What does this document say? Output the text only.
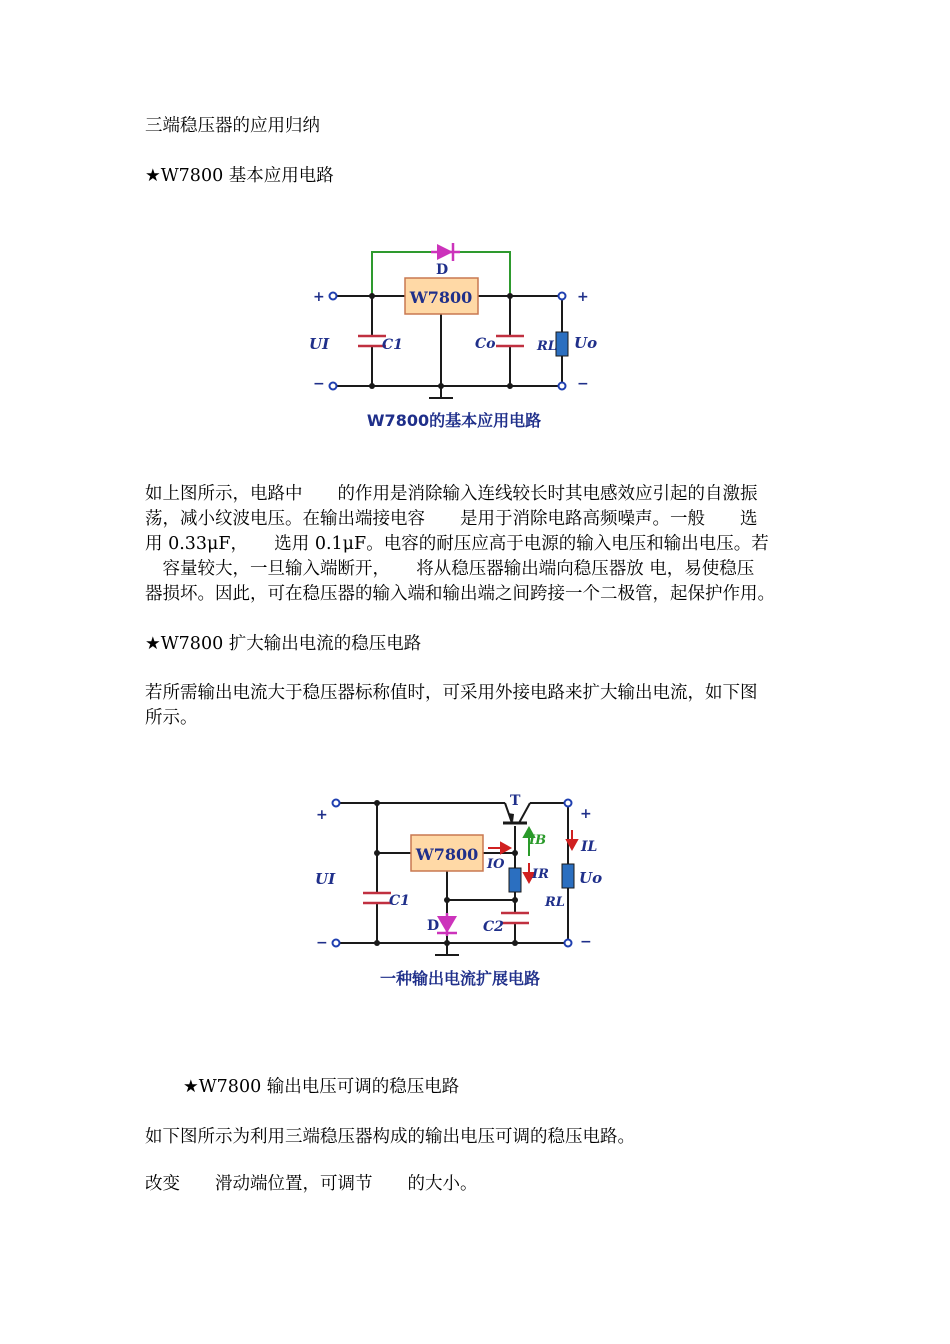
三端稳压器的应用归纳
★W7800 基本应用电路
D
W7800
+
−
+
−
UI	C1	Co	RL Uo
W7800的基本应用电路
如上图所示，电路中　　的作用是消除输入连线较长时其电感效应引起的自激振
荡，减小纹波电压。在输出端接电容　　是用于消除电路高频噪声。一般　　选
用 0.33μF，　　选用 0.1μF。电容的耐压应高于电源的输入电压和输出电压。若
　容量较大，一旦输入端断开，　　将从稳压器输出端向稳压器放 电，易使稳压
器损坏。因此，可在稳压器的输入端和输出端之间跨接一个二极管，起保护作用。
★W7800 扩大输出电流的稳压电路
若所需输出电流大于稳压器标称值时，可采用外接电路来扩大输出电流，如下图
所示。
T
W7800
D
+
−
+
−
UI
C1
C2
IB
IO
IR
IL
RL
Uo
一种输出电流扩展电路
★W7800 输出电压可调的稳压电路
如下图所示为利用三端稳压器构成的输出电压可调的稳压电路。
改变　　滑动端位置，可调节　　的大小。
